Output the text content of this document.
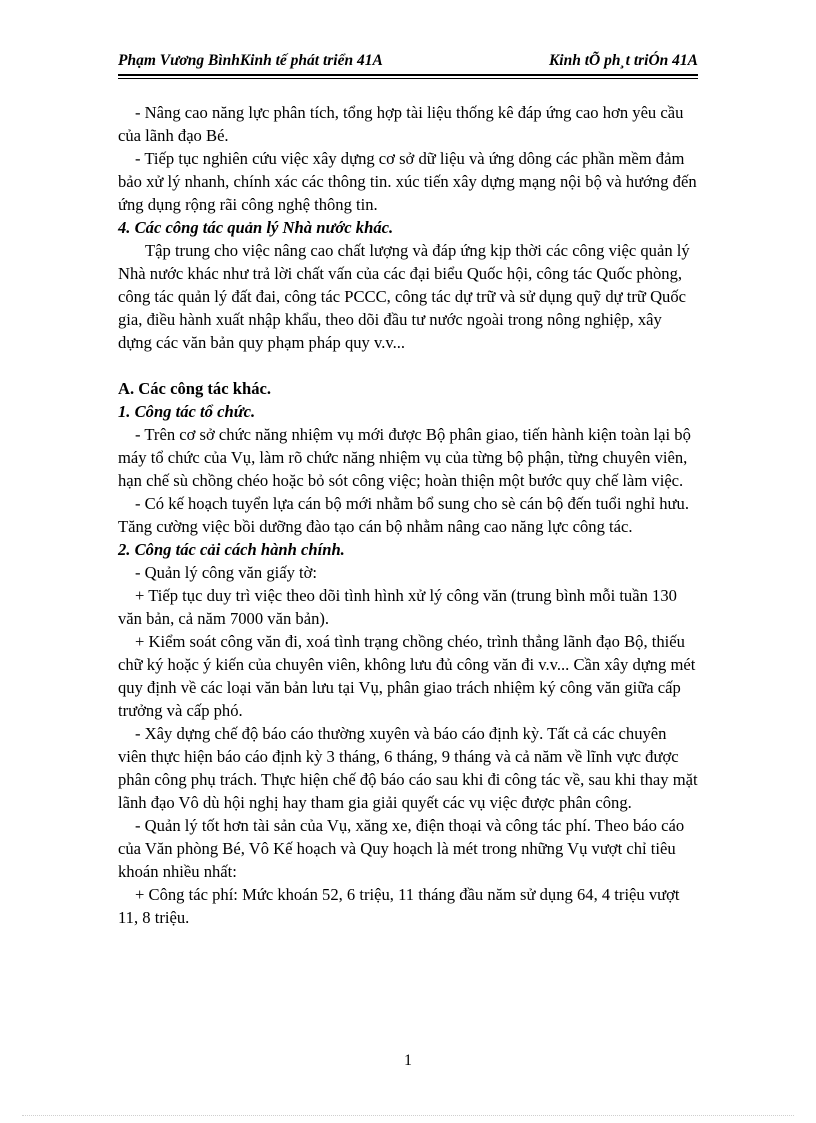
Phạm Vương BìnhKinh tế phát triển 41A	Kinh tÕ ph¸t triÓn 41A

- Nâng cao năng lực phân tích, tổng hợp tài liệu thống kê đáp ứng cao hơn yêu cầu của lãnh đạo Bé.

- Tiếp tục nghiên cứu việc xây dựng cơ sở dữ liệu và ứng dông các phần mềm đảm bảo xử lý nhanh, chính xác các thông tin. xúc tiến xây dựng mạng nội bộ và hướng đến ứng dụng rộng rãi công nghệ thông tin.

4. Các công tác quản lý Nhà nước khác.

Tập trung cho việc nâng cao chất lượng và đáp ứng kịp thời các công việc quản lý Nhà nước khác như trả lời chất vấn của các đại biểu Quốc hội, công tác Quốc phòng, công tác quản lý đất đai, công tác PCCC, công tác dự trữ và sử dụng quỹ dự trữ Quốc gia, điều hành xuất nhập khẩu, theo dõi đầu tư nước ngoài trong nông nghiệp, xây dựng các văn bản quy phạm pháp quy v.v...

A. Các công tác khác.

1. Công tác tổ chức.

- Trên cơ sở chức năng nhiệm vụ mới được Bộ phân giao, tiến hành kiện toàn lại bộ máy tổ chức của Vụ, làm rõ chức năng nhiệm vụ của từng bộ phận, từng chuyên viên, hạn chế sù chồng chéo hoặc bỏ sót công việc; hoàn thiện một bước quy chế làm việc.

- Có kế hoạch tuyển lựa cán bộ mới nhằm bổ sung cho sè cán bộ đến tuổi nghỉ hưu. Tăng cường việc bồi dưỡng đào tạo cán bộ nhằm nâng cao năng lực công tác.

2. Công tác cải cách hành chính.

- Quản lý công văn giấy tờ:

+ Tiếp tục duy trì việc theo dõi tình hình xử lý công văn (trung bình mỗi tuần 130 văn bản, cả năm 7000 văn bản).

+ Kiểm soát công văn đi, xoá tình trạng chồng chéo, trình thẳng lãnh đạo Bộ, thiếu chữ ký hoặc ý kiến của chuyên viên, không lưu đủ công văn đi v.v... Cần xây dựng mét quy định về các loại văn bản lưu tại Vụ, phân giao trách nhiệm ký công văn giữa cấp trưởng và cấp phó.

- Xây dựng chế độ báo cáo thường xuyên và báo cáo định kỳ. Tất cả các chuyên viên thực hiện báo cáo định kỳ 3 tháng, 6 tháng, 9 tháng và cả năm về lĩnh vực được phân công phụ trách. Thực hiện chế độ báo cáo sau khi đi công tác về, sau khi thay mặt lãnh đạo Vô dù hội nghị hay tham gia giải quyết các vụ việc được phân công.

- Quản lý tốt hơn tài sản của Vụ, xăng xe, điện thoại và công tác phí. Theo báo cáo của Văn phòng Bé, Vô Kế hoạch và Quy hoạch là mét trong những Vụ vượt chỉ tiêu khoán nhiều nhất:

+ Công tác phí: Mức khoán 52, 6 triệu, 11 tháng đầu năm sử dụng 64, 4 triệu vượt 11, 8 triệu.

1
